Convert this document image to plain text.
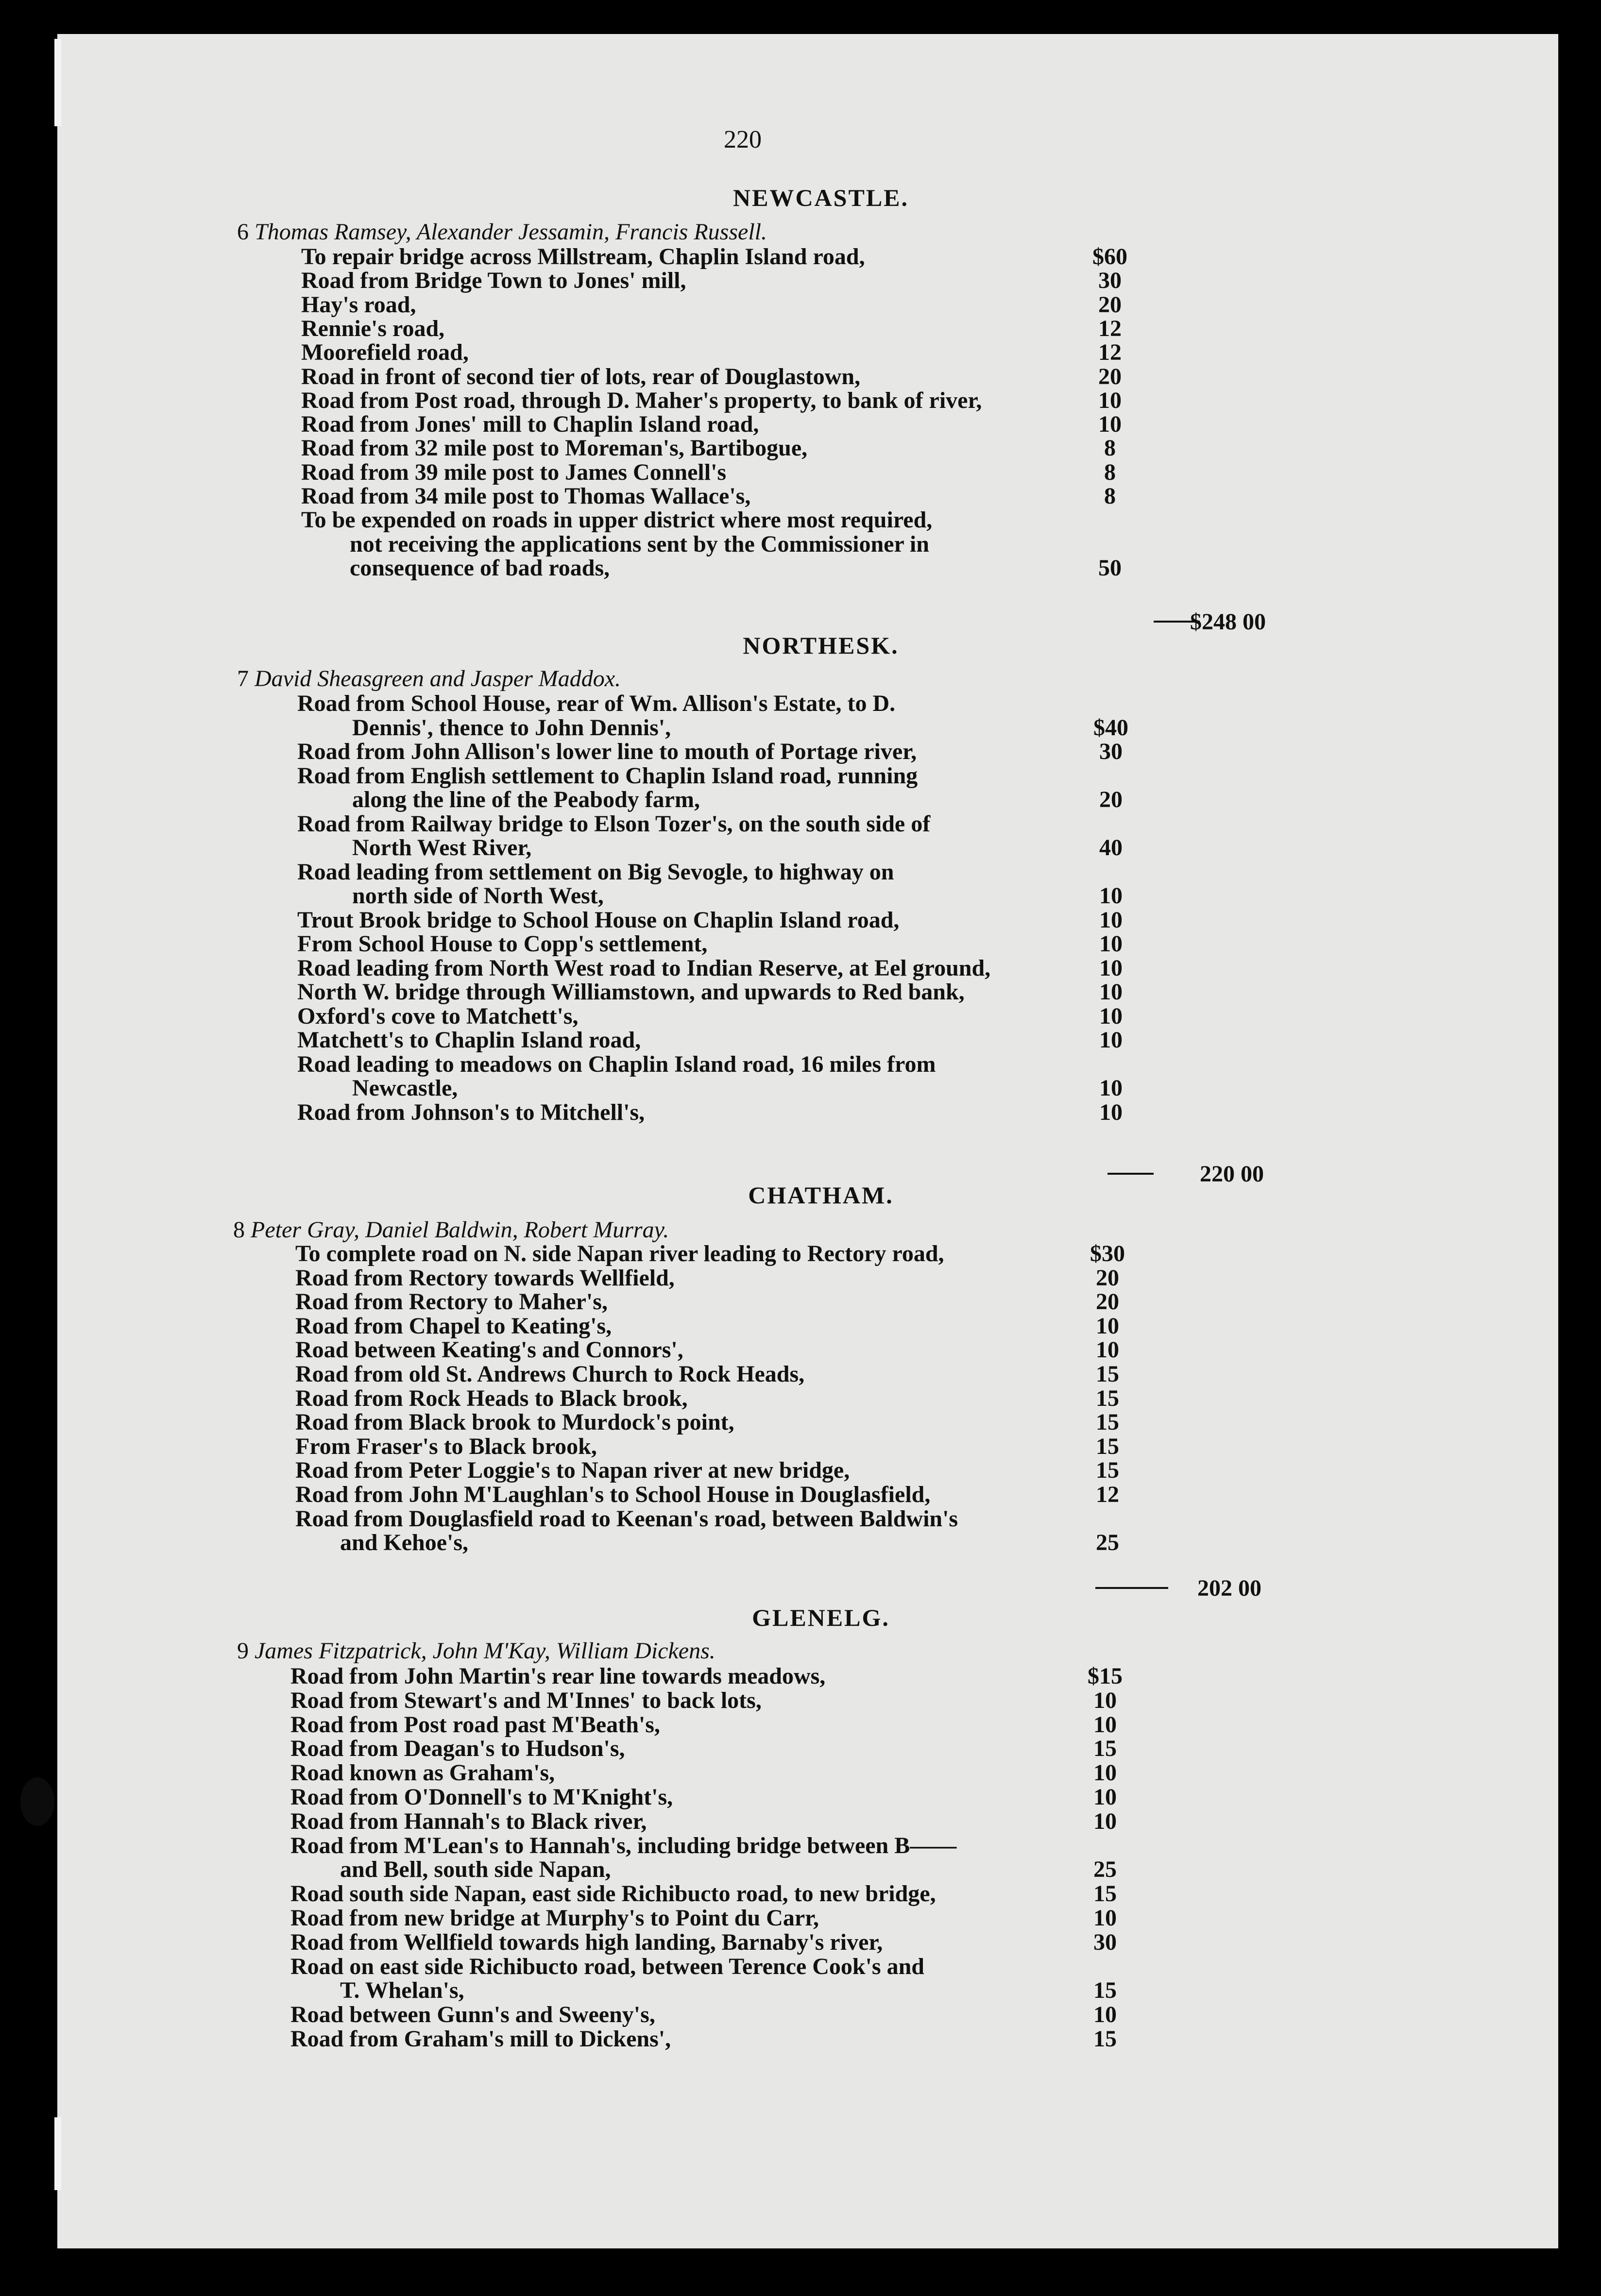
220
NEWCASTLE.
6 Thomas Ramsey, Alexander Jessamin, Francis Russell.
To repair bridge across Millstream, Chaplin Island road,	$60
Road from Bridge Town to Jones' mill,	30
Hay's road,	20
Rennie's road,	12
Moorefield road,	12
Road in front of second tier of lots, rear of Douglastown,	20
Road from Post road, through D. Maher's property, to bank of river,	10
Road from Jones' mill to Chaplin Island road,	10
Road from 32 mile post to Moreman's, Bartibogue,	8
Road from 39 mile post to James Connell's	8
Road from 34 mile post to Thomas Wallace's,	8
To be expended on roads in upper district where most required,
not receiving the applications sent by the Commissioner in
consequence of bad roads,	50
$248 00
NORTHESK.
7 David Sheasgreen and Jasper Maddox.
Road from School House, rear of Wm. Allison's Estate, to D.
Dennis', thence to John Dennis',	$40
Road from John Allison's lower line to mouth of Portage river,	30
Road from English settlement to Chaplin Island road, running
along the line of the Peabody farm,	20
Road from Railway bridge to Elson Tozer's, on the south side of
North West River,	40
Road leading from settlement on Big Sevogle, to highway on
north side of North West,	10
Trout Brook bridge to School House on Chaplin Island road,	10
From School House to Copp's settlement,	10
Road leading from North West road to Indian Reserve, at Eel ground,	10
North W. bridge through Williamstown, and upwards to Red bank,	10
Oxford's cove to Matchett's,	10
Matchett's to Chaplin Island road,	10
Road leading to meadows on Chaplin Island road, 16 miles from
Newcastle,	10
Road from Johnson's to Mitchell's,	10
220 00
CHATHAM.
8 Peter Gray, Daniel Baldwin, Robert Murray.
To complete road on N. side Napan river leading to Rectory road,	$30
Road from Rectory towards Wellfield,	20
Road from Rectory to Maher's,	20
Road from Chapel to Keating's,	10
Road between Keating's and Connors',	10
Road from old St. Andrews Church to Rock Heads,	15
Road from Rock Heads to Black brook,	15
Road from Black brook to Murdock's point,	15
From Fraser's to Black brook,	15
Road from Peter Loggie's to Napan river at new bridge,	15
Road from John M'Laughlan's to School House in Douglasfield,	12
Road from Douglasfield road to Keenan's road, between Baldwin's
and Kehoe's,	25
202 00
GLENELG.
9 James Fitzpatrick, John M'Kay, William Dickens.
Road from John Martin's rear line towards meadows,	$15
Road from Stewart's and M'Innes' to back lots,	10
Road from Post road past M'Beath's,	10
Road from Deagan's to Hudson's,	15
Road known as Graham's,	10
Road from O'Donnell's to M'Knight's,	10
Road from Hannah's to Black river,	10
Road from M'Lean's to Hannah's, including bridge between B——
and Bell, south side Napan,	25
Road south side Napan, east side Richibucto road, to new bridge,	15
Road from new bridge at Murphy's to Point du Carr,	10
Road from Wellfield towards high landing, Barnaby's river,	30
Road on east side Richibucto road, between Terence Cook's and
T. Whelan's,	15
Road between Gunn's and Sweeny's,	10
Road from Graham's mill to Dickens',	15
